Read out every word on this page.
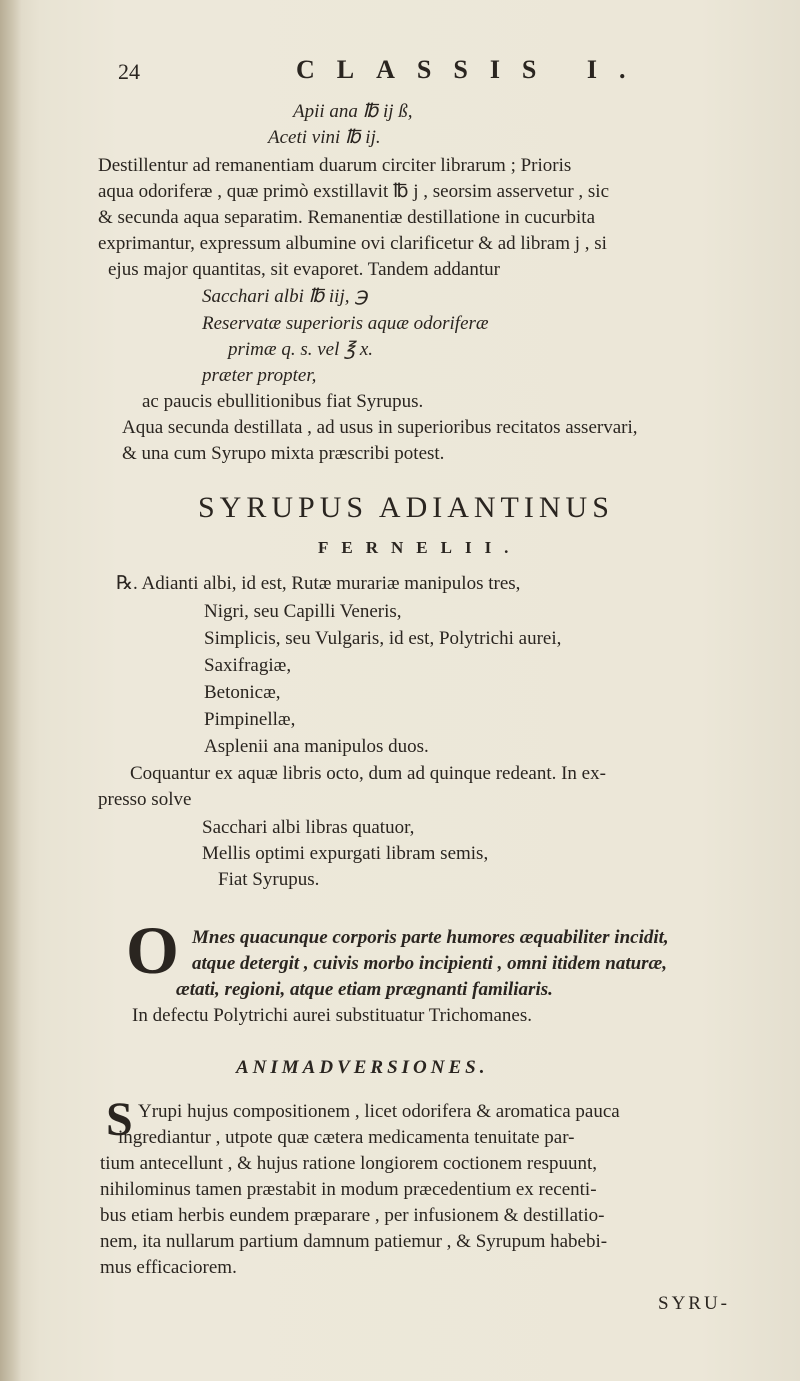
24	CLASSIS I.
Apii ana ℔ ij ß,
Aceti vini ℔ ij.
Destillentur ad remanentiam duarum circiter librarum ; Prioris
aqua odoriferæ , quæ primò exstillavit ℔ j , seorsim asservetur , sic
& secunda aqua separatim. Remanentiæ destillatione in cucurbita
exprimantur, expressum albumine ovi clarificetur & ad libram j , si
ejus major quantitas, sit evaporet. Tandem addantur
Sacchari albi ℔ iij, ℈
Reservatæ superioris aquæ odoriferæ
primæ q. s. vel ℥ x.
præter propter,
ac paucis ebullitionibus fiat Syrupus.
Aqua secunda destillata , ad usus in superioribus recitatos asservari,
& una cum Syrupo mixta præscribi potest.
SYRUPUS ADIANTINUS
FERNELII.
℞. Adianti albi, id est, Rutæ murariæ manipulos tres,
Nigri, seu Capilli Veneris,
Simplicis, seu Vulgaris, id est, Polytrichi aurei,
Saxifragiæ,
Betonicæ,
Pimpinellæ,
Asplenii ana manipulos duos.
Coquantur ex aquæ libris octo, dum ad quinque redeant. In ex-
presso solve
Sacchari albi libras quatuor,
Mellis optimi expurgati libram semis,
Fiat Syrupus.
O Mnes quacunque corporis parte humores æquabiliter incidit,
atque detergit , cuivis morbo incipienti , omni itidem naturæ,
ætati, regioni, atque etiam prægnanti familiaris.
In defectu Polytrichi aurei substituatur Trichomanes.
ANIMADVERSIONES.
S Yrupi hujus compositionem , licet odorifera & aromatica pauca
ingrediantur , utpote quæ cætera medicamenta tenuitate par-
tium antecellunt , & hujus ratione longiorem coctionem respuunt,
nihilominus tamen præstabit in modum præcedentium ex recenti-
bus etiam herbis eundem præparare , per infusionem & destillatio-
nem, ita nullarum partium damnum patiemur , & Syrupum habebi-
mus efficaciorem.
SYRU-
